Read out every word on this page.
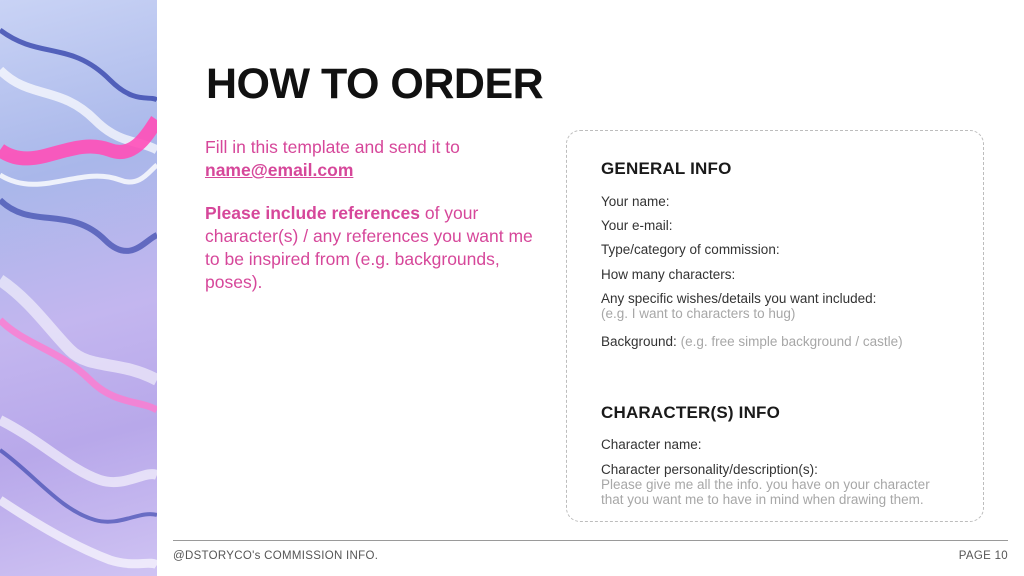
HOW TO ORDER

Fill in this template and send it to
name@email.com

Please include references of your character(s) / any references you want me to be inspired from (e.g. backgrounds, poses).

GENERAL INFO
Your name:
Your e-mail:
Type/category of commission:
How many characters:
Any specific wishes/details you want included:
(e.g. I want to characters to hug)
Background: (e.g. free simple background / castle)
CHARACTER(S) INFO
Character name:
Character personality/description(s):
Please give me all the info. you have on your character
that you want me to have in mind when drawing them.
@DSTORYCO's COMMISSION INFO.	PAGE 10
